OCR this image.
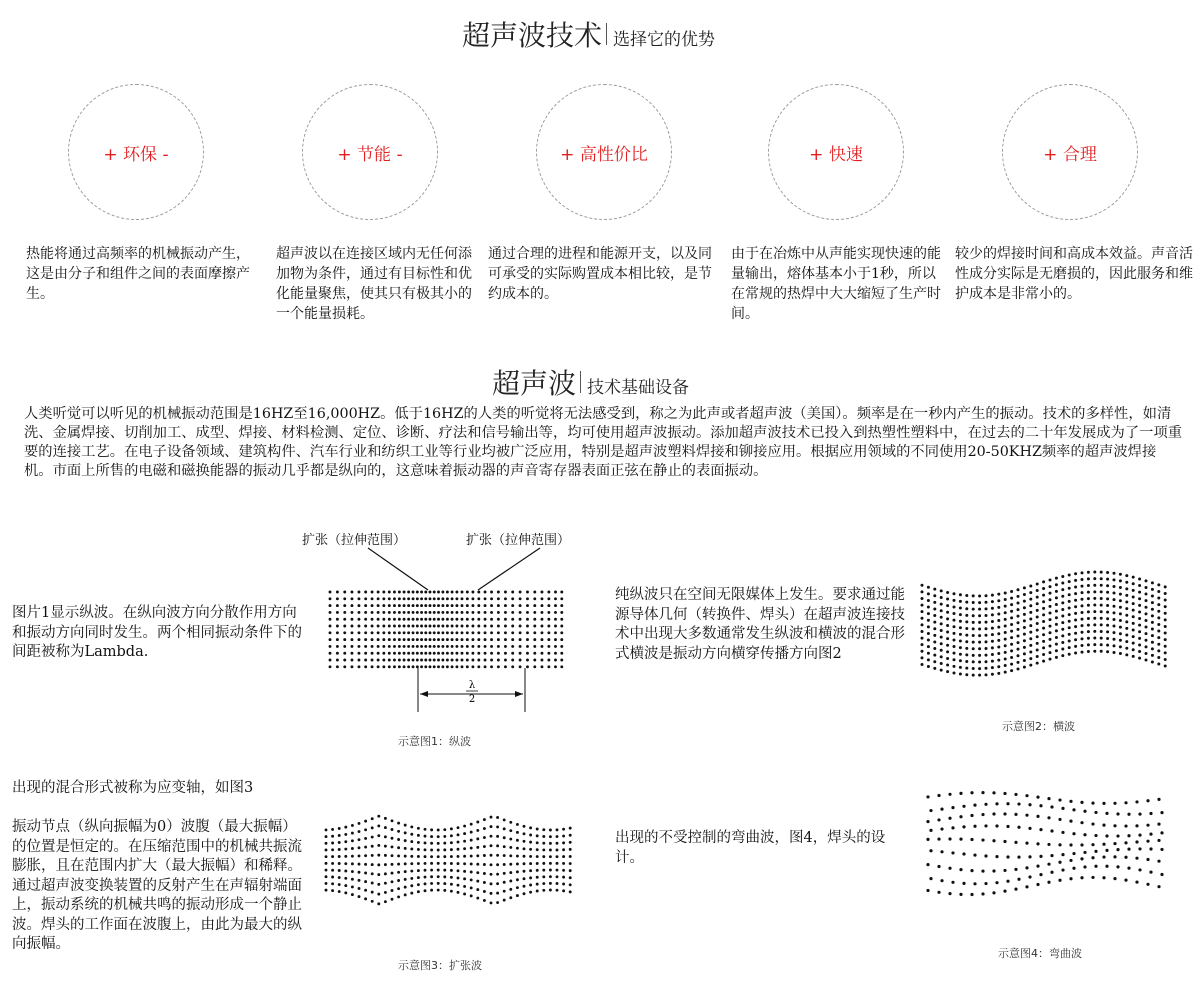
超声波技术 选择它的优势
+ 环保 -	+ 节能 -	+ 高性价比	+ 快速	+ 合理
热能将通过高频率的机械振动产生，这是由分子和组件之间的表面摩擦产生。
超声波以在连接区域内无任何添加物为条件，通过有目标性和优化能量聚焦，使其只有极其小的一个能量损耗。
通过合理的进程和能源开支，以及同可承受的实际购置成本相比较，是节约成本的。
由于在冶炼中从声能实现快速的能量输出，熔体基本小于1秒，所以在常规的热焊中大大缩短了生产时间。
较少的焊接时间和高成本效益。声音活性成分实际是无磨损的，因此服务和维护成本是非常小的。
超声波 技术基础设备
人类听觉可以听见的机械振动范围是16HZ至16,000HZ。低于16HZ的人类的听觉将无法感受到，称之为此声或者超声波（美国）。频率是在一秒内产生的振动。技术的多样性，如清洗、金属焊接、切削加工、成型、焊接、材料检测、定位、诊断、疗法和信号输出等，均可使用超声波振动。添加超声波技术已投入到热塑性塑料中，在过去的二十年发展成为了一项重要的连接工艺。在电子设备领域、建筑构件、汽车行业和纺织工业等行业均被广泛应用，特别是超声波塑料焊接和铆接应用。根据应用领域的不同使用20-50KHZ频率的超声波焊接机。市面上所售的电磁和磁换能器的振动几乎都是纵向的，这意味着振动器的声音寄存器表面正弦在静止的表面振动。
图片1显示纵波。在纵向波方向分散作用方向和振动方向同时发生。两个相同振动条件下的间距被称为Lambda.
扩张（拉伸范围）	扩张（拉伸范围）
λ
2
示意图1：纵波
纯纵波只在空间无限媒体上发生。要求通过能源导体几何（转换件、焊头）在超声波连接技术中出现大多数通常发生纵波和横波的混合形式横波是振动方向横穿传播方向图2
示意图2：横波
出现的混合形式被称为应变轴，如图3
振动节点（纵向振幅为0）波腹（最大振幅）的位置是恒定的。在压缩范围中的机械共振流膨胀，且在范围内扩大（最大振幅）和稀释。通过超声波变换装置的反射产生在声辐射端面上，振动系统的机械共鸣的振动形成一个静止波。焊头的工作面在波腹上，由此为最大的纵向振幅。
示意图3：扩张波
出现的不受控制的弯曲波，图4，焊头的设计。
示意图4：弯曲波
